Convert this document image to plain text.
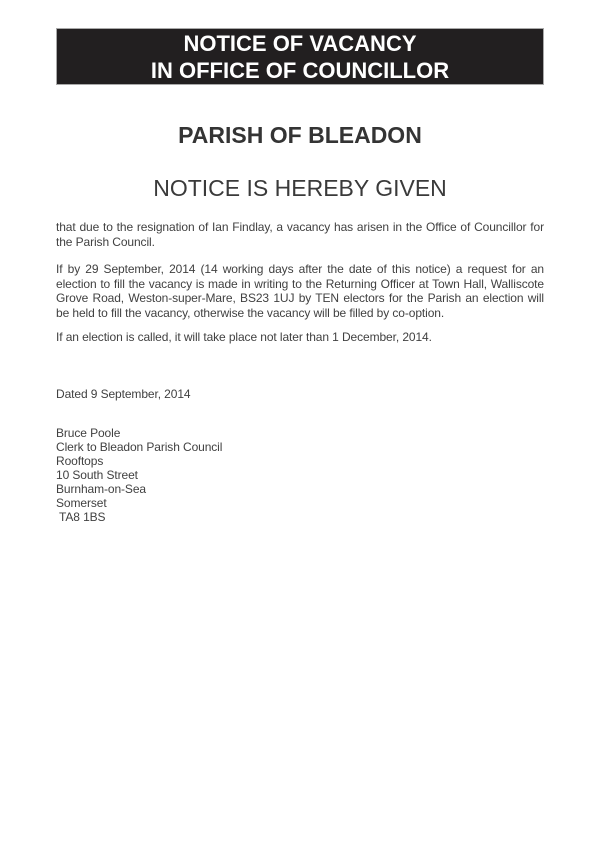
NOTICE OF VACANCY
IN OFFICE OF COUNCILLOR
PARISH OF BLEADON
NOTICE IS HEREBY GIVEN

that due to the resignation of Ian Findlay, a vacancy has arisen in the Office of Councillor for the Parish Council.

If by 29 September, 2014 (14 working days after the date of this notice) a request for an election to fill the vacancy is made in writing to the Returning Officer at Town Hall, Walliscote Grove Road, Weston-super-Mare, BS23 1UJ by TEN electors for the Parish an election will be held to fill the vacancy, otherwise the vacancy will be filled by co-option.

If an election is called, it will take place not later than 1 December, 2014.

Dated 9 September, 2014

Bruce Poole
Clerk to Bleadon Parish Council
Rooftops
10 South Street
Burnham-on-Sea
Somerset
TA8 1BS
